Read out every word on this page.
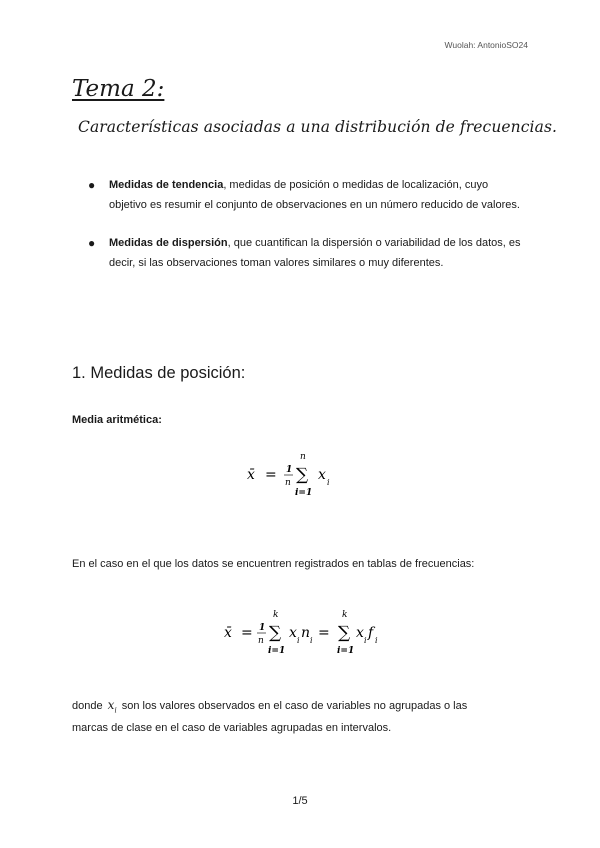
Wuolah: AntonioSO24
Tema 2:
Características asociadas a una distribución de frecuencias.
● Medidas de tendencia, medidas de posición o medidas de localización, cuyo objetivo es resumir el conjunto de observaciones en un número reducido de valores.
● Medidas de dispersión, que cuantifican la dispersión o variabilidad de los datos, es decir, si las observaciones toman valores similares o muy diferentes.
1. Medidas de posición:
Media aritmética:
x̄ = 1
n
n
∑
i=1
x i

En el caso en el que los datos se encuentren registrados en tablas de frecuencias:

x̄ = 1
n
k
∑
i=1
x i n i =
k
∑
i=1
x i f i

donde $x_i$ son los valores observados en el caso de variables no agrupadas o las

marcas de clase en el caso de variables agrupadas en intervalos.

1/5
